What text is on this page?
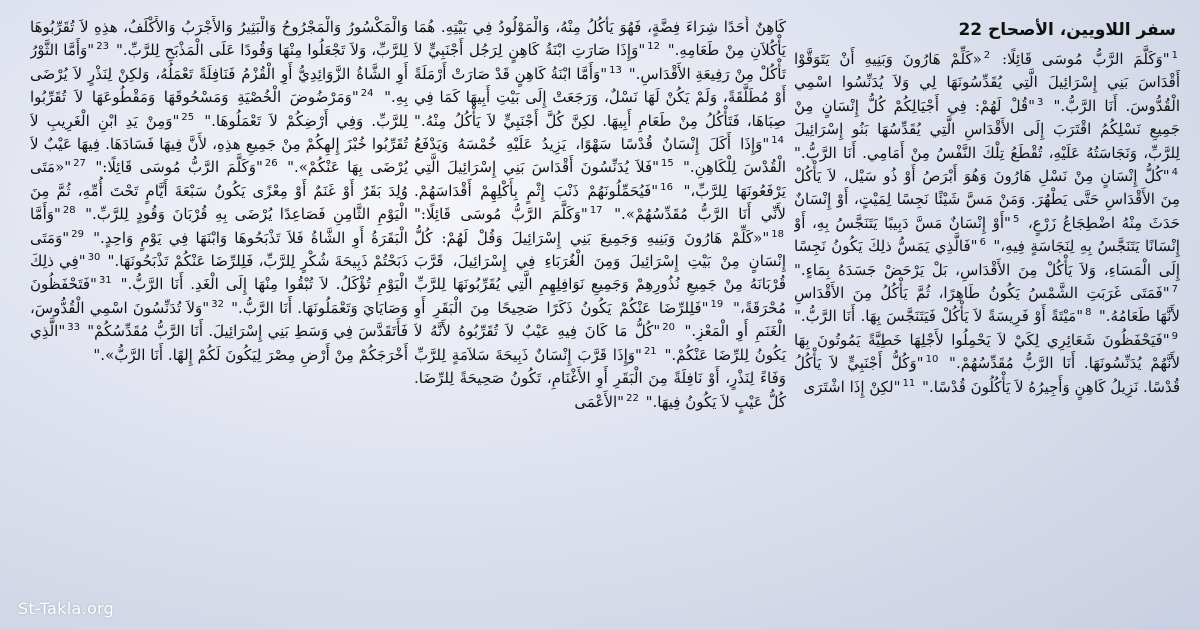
سفر اللاويين، الأصحاح 22
$^1$"وَكَلَّمَ الرَّبُّ مُوسَى قَائِلًا: $^2$«كَلِّمْ هَارُونَ وَبَنِيهِ أَنْ يَتَوَقَّوْا أَقْدَاسَ بَنِي إِسْرَائِيلَ الَّتِي يُقَدِّسُونَهَا لِي وَلاَ يُدَنِّسُوا اسْمِي الْقُدُّوسَ. أَنَا الرَّبُّ." $^3$"قُلْ لَهُمْ: فِي أَجْيَالِكُمْ كُلُّ إِنْسَانٍ مِنْ جَمِيعِ نَسْلِكُمُ اقْتَرَبَ إِلَى الأَقْدَاسِ الَّتِي يُقَدِّسُهَا بَنُو إِسْرَائِيلَ لِلرَّبِّ، وَنَجَاسَتُهُ عَلَيْهِ، تُقْطَعُ تِلْكَ النَّفْسُ مِنْ أَمَامِي. أَنَا الرَّبُّ." $^4$"كُلُّ إِنْسَانٍ مِنْ نَسْلِ هَارُونَ وَهُوَ أَبْرَصُ أَوْ ذُو سَيْل، لاَ يَأْكُلْ مِنَ الأَقْدَاسِ حَتَّى يَطْهُرَ. وَمَنْ مَسَّ شَيْئًا نَجِسًا لِمَيْتٍ، أَوْ إِنْسَانٌ حَدَثَ مِنْهُ اضْطِجَاعُ زَرْعٍ، $^5$"أَوْ إِنْسَانٌ مَسَّ دَبِيبًا يَتَنَجَّسُ بِهِ، أَوْ إِنْسَانًا يَتَنَجَّسُ بِهِ لِنَجَاسَةٍ فِيهِ،" $^6$"فَالَّذِي يَمَسُّ ذلِكَ يَكُونُ نَجِسًا إِلَى الْمَسَاءِ، وَلاَ يَأْكُلْ مِنَ الأَقْدَاسِ، بَلْ يَرْحَضْ جَسَدَهُ بِمَاءٍ." $^7$"فَمَتَى غَرَبَتِ الشَّمْسُ يَكُونُ طَاهِرًا، ثُمَّ يَأْكُلُ مِنَ الأَقْدَاسِ لأَنَّهَا طَعَامُهُ." $^8$"مَيْتَةً أَوْ فَرِيسَةً لاَ يَأْكُلْ فَيَتَنَجَّسَ بِهَا. أَنَا الرَّبُّ." $^9$"فَيَحْفَظُونَ شَعَائِرِي لِكَيْ لاَ يَحْمِلُوا لأَجْلِهَا خَطِيَّةً يَمُوتُونَ بِهَا لأَنَّهُمْ يُدَنِّسُونَهَا. أَنَا الرَّبُّ مُقَدِّسُهُمْ." $^{10}$"وَكُلُّ أَجْنَبِيٍّ لاَ يَأْكُلُ قُدْسًا. نَزِيلُ كَاهِنٍ وَأَجِيرُهُ لاَ يَأْكُلُونَ قُدْسًا." $^{11}$"لكِنْ إِذَا اشْتَرَى
كَاهِنٌ أَحَدًا شِرَاءَ فِضَّةٍ، فَهُوَ يَأْكُلُ مِنْهُ، وَالْمَوْلُودُ فِي بَيْتِهِ. هُمَا يَأْكُلاَنِ مِنْ طَعَامِهِ." $^{12}$"وَإِذَا صَارَتِ ابْنَةُ كَاهِنٍ لِرَجُل أَجْنَبِيٍّ لاَ تَأْكُلْ مِنْ رَفِيعَةِ الأَقْدَاسِ." $^{13}$"وَأَمَّا ابْنَةُ كَاهِنٍ قَدْ صَارَتْ أَرْمَلَةً أَوْ مُطَلَّقَةً، وَلَمْ يَكُنْ لَهَا نَسْلٌ، وَرَجَعَتْ إِلَى بَيْتِ أَبِيهَا كَمَا فِي صِبَاهَا، فَتَأْكُلُ مِنْ طَعَامِ أَبِيهَا. لكِنَّ كُلَّ أَجْنَبِيٍّ لاَ يَأْكُلُ مِنْهُ." $^{14}$"وَإِذَا أَكَلَ إِنْسَانٌ قُدْسًا سَهْوًا، يَزِيدُ عَلَيْهِ خُمْسَهُ وَيَدْفَعُ الْقُدْسَ لِلْكَاهِنِ." $^{15}$"فَلاَ يُدَنِّسُونَ أَقْدَاسَ بَنِي إِسْرَائِيلَ الَّتِي يَرْفَعُونَهَا لِلرَّبِّ،" $^{16}$"فَيُحَمِّلُونَهُمْ ذَنْبَ إِثْمٍ بِأَكْلِهِمْ أَقْدَاسَهُمْ. لأَنِّي أَنَا الرَّبُّ مُقَدِّسُهُمْ»." $^{17}$"وَكَلَّمَ الرَّبُّ مُوسَى قَائِلًا:" $^{18}$"«كَلِّمْ هَارُونَ وَبَنِيهِ وَجَمِيعَ بَنِي إِسْرَائِيلَ وَقُلْ لَهُمْ: كُلُّ إِنْسَانٍ مِنْ بَيْتِ إِسْرَائِيلَ وَمِنَ الْغُرَبَاءِ فِي إِسْرَائِيلَ، قَرَّبَ قُرْبَانَهُ مِنْ جَمِيعِ نُذُورِهِمْ وَجَمِيعِ نَوَافِلِهِمِ الَّتِي يُقَرِّبُونَهَا لِلرَّبِّ مُحْرَقَةً،" $^{19}$"فَلِلرِّضَا عَنْكُمْ يَكُونُ ذَكَرًا صَحِيحًا مِنَ الْبَقَرِ أَوِ الْغَنَمِ أَوِ الْمَعْزِ." $^{20}$"كُلُّ مَا كَانَ فِيهِ عَيْبٌ لاَ تُقَرِّبُوهُ لأَنَّهُ لاَ يَكُونُ لِلرِّضَا عَنْكُمْ." $^{21}$"وَإِذَا قَرَّبَ إِنْسَانٌ ذَبِيحَةَ سَلاَمَةٍ لِلرَّبِّ وَفَاءً لِنَذْرٍ، أَوْ نَافِلَةً مِنَ الْبَقَرِ أَوِ الأَغْنَامِ، تَكُونُ صَحِيحَةً لِلرِّضَا. كُلُّ عَيْبٍ لاَ يَكُونُ فِيهَا." $^{22}$"الأَعْمَى
وَالْمَكْسُورُ وَالْمَجْرُوحُ وَالْبَثِيرُ وَالأَجْرَبُ وَالأَكْلَفُ، هذِهِ لاَ تُقَرِّبُوهَا لِلرَّبِّ، وَلاَ تَجْعَلُوا مِنْهَا وَقُودًا عَلَى الْمَذْبَحِ لِلرَّبِّ." $^{23}$"وَأَمَّا الثَّوْرُ أَوِ الشَّاةُ الزَّوَائِدِيُّ أَوِ الْقُزْمُ فَنَافِلَةً تَعْمَلُهُ، وَلكِنْ لِنَذْرٍ لاَ يُرْضَى بِهِ." $^{24}$"وَمَرْضُوضَ الْخُصْيَةِ وَمَسْحُوقَهَا وَمَقْطُوعَهَا لاَ تُقَرِّبُوا لِلرَّبِّ. وَفِي أَرْضِكُمْ لاَ تَعْمَلُوهَا." $^{25}$"وَمِنْ يَدِ ابْنِ الْغَرِيبِ لاَ تُقَرِّبُوا خُبْزَ إِلهِكُمْ مِنْ جَمِيعِ هذِهِ، لأَنَّ فِيهَا فَسَادَهَا. فِيهَا عَيْبٌ لاَ يُرْضَى بِهَا عَنْكُمْ»." $^{26}$"وَكَلَّمَ الرَّبُّ مُوسَى قَائِلًا:" $^{27}$"«مَتَى وُلِدَ بَقَرٌ أَوْ غَنَمٌ أَوْ مِعْزًى يَكُونُ سَبْعَةَ أَيَّامٍ تَحْتَ أُمِّهِ، ثُمَّ مِنَ الْيَوْمِ الثَّامِنِ فَصَاعِدًا يُرْضَى بِهِ قُرْبَانَ وَقُودٍ لِلرَّبِّ." $^{28}$"وَأَمَّا الْبَقَرَةُ أَوِ الشَّاةُ فَلاَ تَذْبَحُوهَا وَابْنَهَا فِي يَوْمٍ وَاحِدٍ." $^{29}$"وَمَتَى ذَبَحْتُمْ ذَبِيحَةَ شُكْرٍ لِلرَّبِّ، فَلِلرِّضَا عَنْكُمْ تَذْبَحُونَهَا." $^{30}$"فِي ذلِكَ الْيَوْمِ تُؤْكَلُ. لاَ تُبْقُوا مِنْهَا إِلَى الْغَدِ. أَنَا الرَّبُّ." $^{31}$"فَتَحْفَظُونَ وَصَايَايَ وَتَعْمَلُونَهَا. أَنَا الرَّبُّ." $^{32}$"وَلاَ تُدَنِّسُونَ اسْمِي الْقُدُّوسَ، فَأَتَقَدَّسَ فِي وَسَطِ بَنِي إِسْرَائِيلَ. أَنَا الرَّبُّ مُقَدِّسُكُمْ" $^{33}$"الَّذِي أَخْرَجَكُمْ مِنْ أَرْضِ مِصْرَ لِيَكُونَ لَكُمْ إِلهًا. أَنَا الرَّبُّ»."
St-Takla.org
